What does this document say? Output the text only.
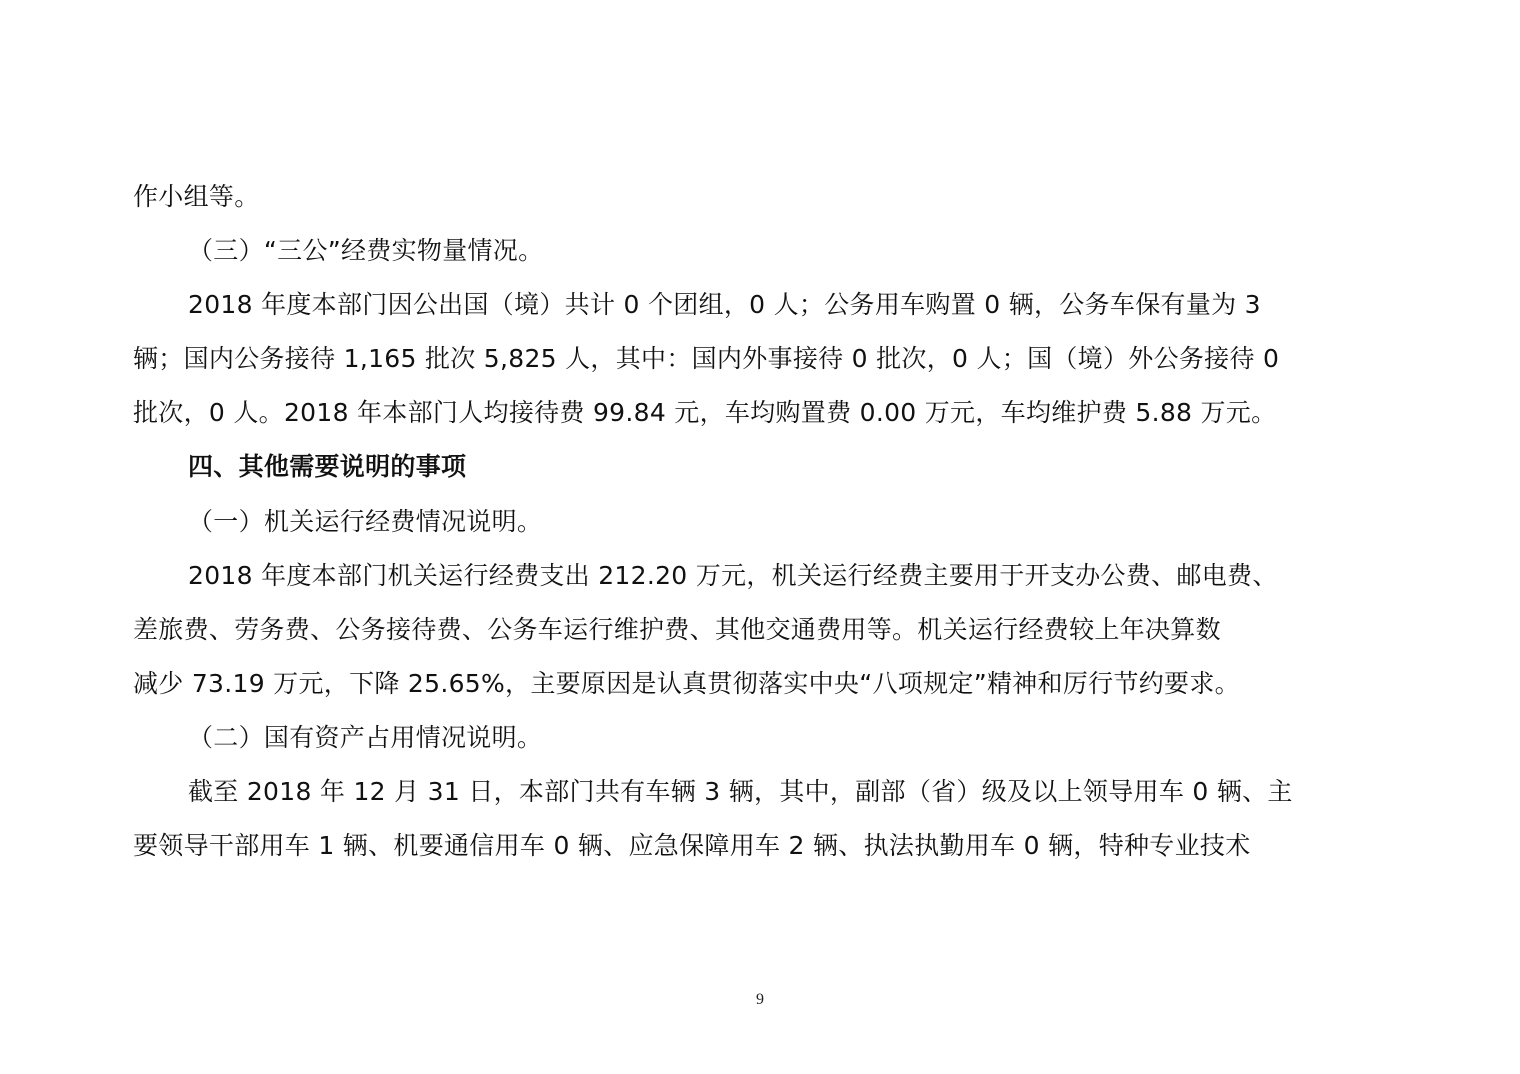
作小组等。
（三）“三公”经费实物量情况。
2018 年度本部门因公出国（境）共计 0 个团组，0 人；公务用车购置 0 辆，公务车保有量为 3
辆；国内公务接待 1,165 批次 5,825 人，其中：国内外事接待 0 批次，0 人；国（境）外公务接待 0
批次，0 人。2018 年本部门人均接待费 99.84 元，车均购置费 0.00 万元，车均维护费 5.88 万元。
四、其他需要说明的事项
（一）机关运行经费情况说明。
2018 年度本部门机关运行经费支出 212.20 万元，机关运行经费主要用于开支办公费、邮电费、
差旅费、劳务费、公务接待费、公务车运行维护费、其他交通费用等。机关运行经费较上年决算数
减少 73.19 万元，下降 25.65%，主要原因是认真贯彻落实中央“八项规定”精神和厉行节约要求。
（二）国有资产占用情况说明。
截至 2018 年 12 月 31 日，本部门共有车辆 3 辆，其中，副部（省）级及以上领导用车 0 辆、主
要领导干部用车 1 辆、机要通信用车 0 辆、应急保障用车 2 辆、执法执勤用车 0 辆，特种专业技术
9
